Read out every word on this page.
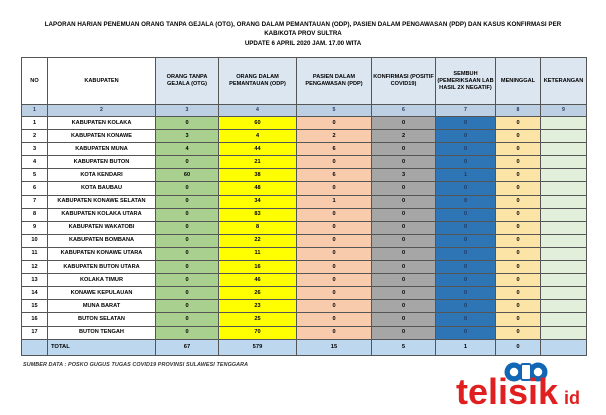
LAPORAN HARIAN PENEMUAN ORANG TANPA GEJALA (OTG), ORANG DALAM PEMANTAUAN (ODP), PASIEN DALAM PENGAWASAN (PDP) DAN KASUS KONFIRMASI PER
KAB/KOTA PROV SULTRA
UPDATE 6 APRIL 2020 JAM. 17.00 WITA
NO	KABUPATEN	ORANG TANPA GEJALA (OTG)	ORANG DALAM PEMANTAUAN (ODP)	PASIEN DALAM PENGAWASAN (PDP)	KONFIRMASI (POSITIF COVID19)	SEMBUH (PEMERIKSAAN LAB HASIL 2X NEGATIF)	MENINGGAL	KETERANGAN
1	2	3	4	5	6	7	8	9
1	KABUPATEN KOLAKA	0	60	0	0	0	0	
2	KABUPATEN KONAWE	3	4	2	2	0	0	
3	KABUPATEN MUNA	4	44	6	0	0	0	
4	KABUPATEN BUTON	0	21	0	0	0	0	
5	KOTA KENDARI	60	38	6	3	1	0	
6	KOTA BAUBAU	0	48	0	0	0	0	
7	KABUPATEN KONAWE SELATAN	0	34	1	0	0	0	
8	KABUPATEN KOLAKA UTARA	0	83	0	0	0	0	
9	KABUPATEN WAKATOBI	0	8	0	0	0	0	
10	KABUPATEN BOMBANA	0	22	0	0	0	0	
11	KABUPATEN KONAWE UTARA	0	11	0	0	0	0	
12	KABUPATEN BUTON UTARA	0	16	0	0	0	0	
13	KOLAKA TIMUR	0	46	0	0	0	0	
14	KONAWE KEPULAUAN	0	26	0	0	0	0	
15	MUNA BARAT	0	23	0	0	0	0	
16	BUTON SELATAN	0	25	0	0	0	0	
17	BUTON TENGAH	0	70	0	0	0	0	
	TOTAL	67	579	15	5	1	0	
SUMBER DATA : POSKO GUGUS TUGAS COVID19 PROVINSI SULAWESI TENGGARA
telisik id
